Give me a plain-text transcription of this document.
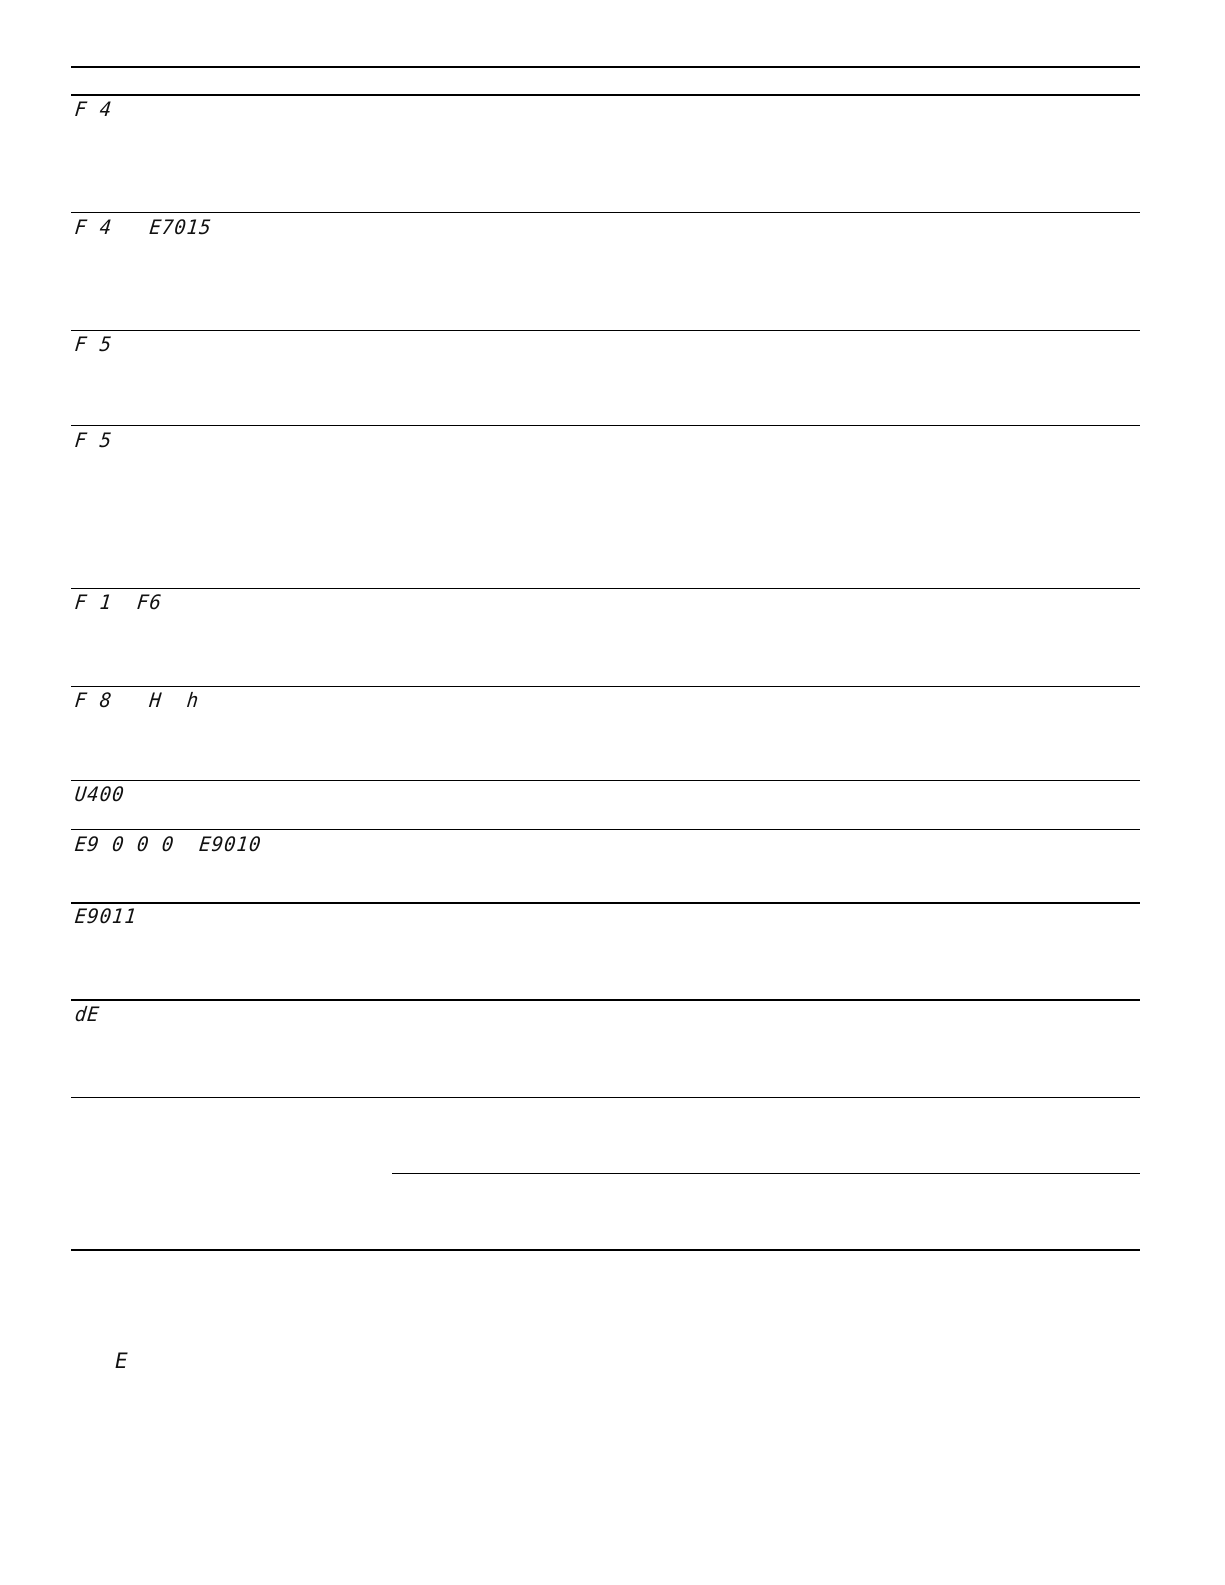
F 4
F 4   E7015
F 5
F 5
F 1  F6
F 8   H  h
U400
E9 0 0 0  E9010
E9011
dE
E
